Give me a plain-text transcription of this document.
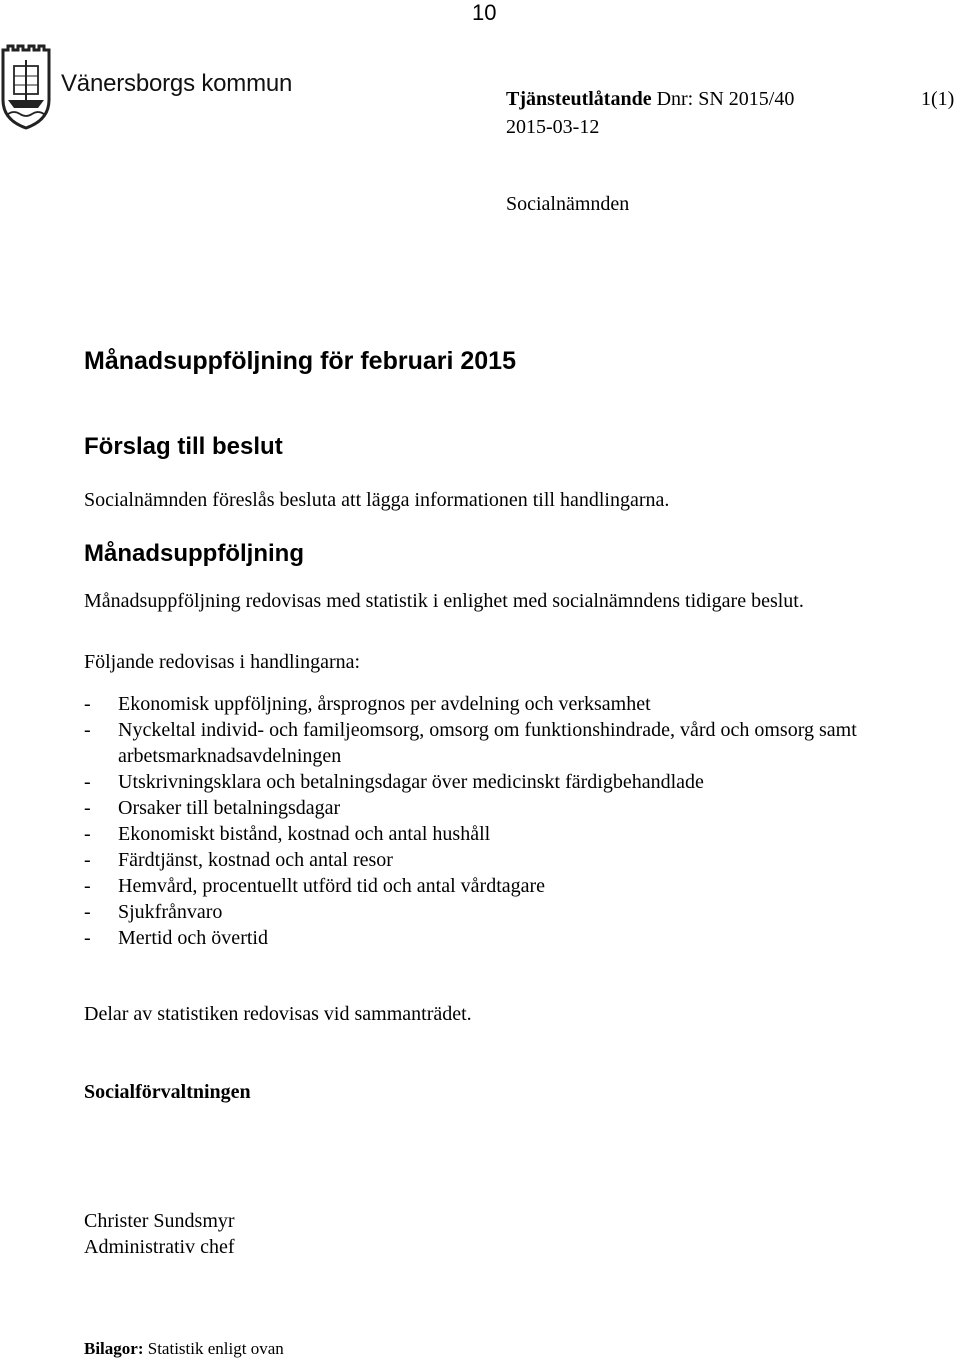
10
Vänersborgs kommun
Tjänsteutlåtande Dnr: SN 2015/40	1(1)
2015-03-12
Socialnämnden
Månadsuppföljning för februari 2015
Förslag till beslut
Socialnämnden föreslås besluta att lägga informationen till handlingarna.
Månadsuppföljning
Månadsuppföljning redovisas med statistik i enlighet med socialnämndens tidigare beslut.
Följande redovisas i handlingarna:
- Ekonomisk uppföljning, årsprognos per avdelning och verksamhet
- Nyckeltal individ- och familjeomsorg, omsorg om funktionshindrade, vård och omsorg samt arbetsmarknadsavdelningen
- Utskrivningsklara och betalningsdagar över medicinskt färdigbehandlade
- Orsaker till betalningsdagar
- Ekonomiskt bistånd, kostnad och antal hushåll
- Färdtjänst, kostnad och antal resor
- Hemvård, procentuellt utförd tid och antal vårdtagare
- Sjukfrånvaro
- Mertid och övertid
Delar av statistiken redovisas vid sammanträdet.
Socialförvaltningen
Christer Sundsmyr
Administrativ chef
Bilagor: Statistik enligt ovan
